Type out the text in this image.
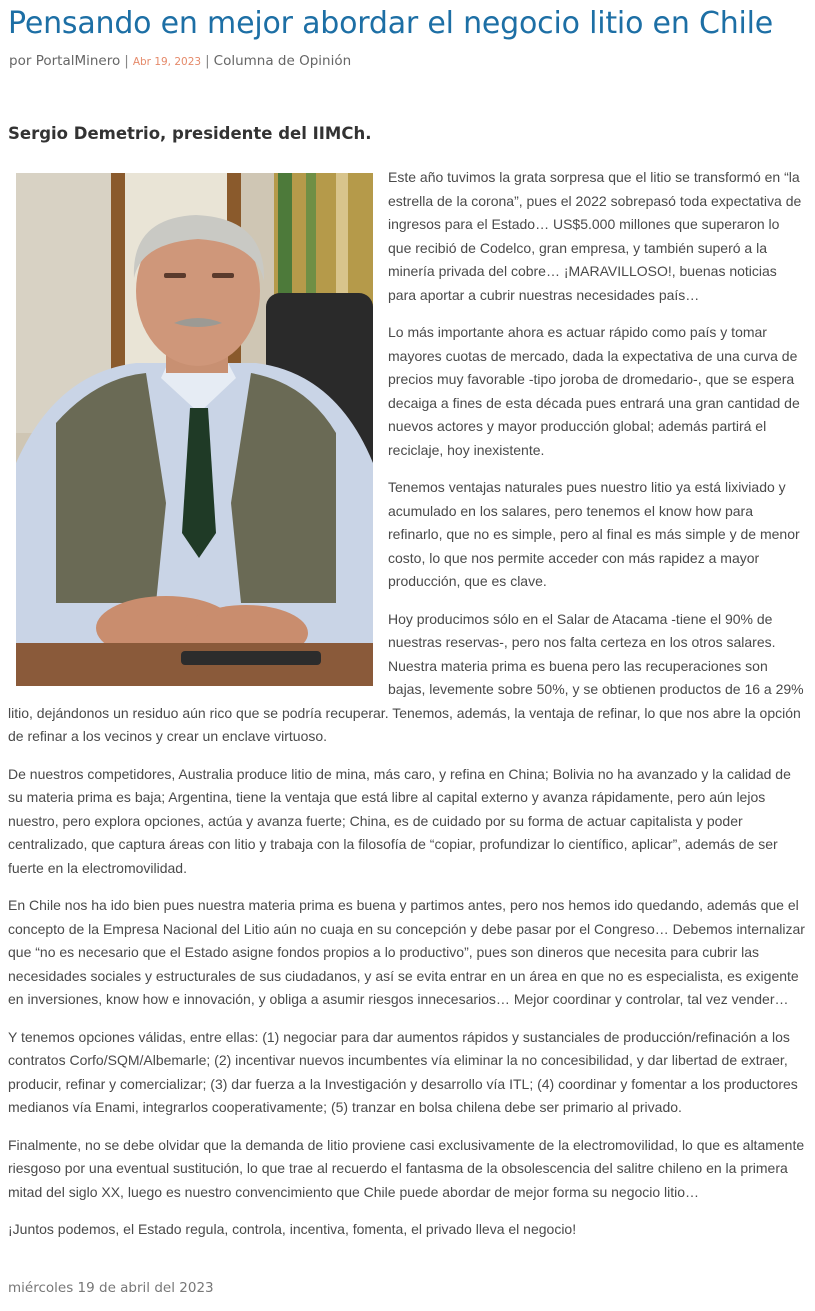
Pensando en mejor abordar el negocio litio en Chile
por PortalMinero | Abr 19, 2023 | Columna de Opinión
Sergio Demetrio, presidente del IIMCh.

Este año tuvimos la grata sorpresa que el litio se transformó en “la estrella de la corona”, pues el 2022 sobrepasó toda expectativa de ingresos para el Estado… US$5.000 millones que superaron lo que recibió de Codelco, gran empresa, y también superó a la minería privada del cobre… ¡MARAVILLOSO!, buenas noticias para aportar a cubrir nuestras necesidades país…

Lo más importante ahora es actuar rápido como país y tomar mayores cuotas de mercado, dada la expectativa de una curva de precios muy favorable -tipo joroba de dromedario-, que se espera decaiga a fines de esta década pues entrará una gran cantidad de nuevos actores y mayor producción global; además partirá el reciclaje, hoy inexistente.

Tenemos ventajas naturales pues nuestro litio ya está lixiviado y acumulado en los salares, pero tenemos el know how para refinarlo, que no es simple, pero al final es más simple y de menor costo, lo que nos permite acceder con más rapidez a mayor producción, que es clave.

Hoy producimos sólo en el Salar de Atacama -tiene el 90% de nuestras reservas-, pero nos falta certeza en los otros salares. Nuestra materia prima es buena pero las recuperaciones son bajas, levemente sobre 50%, y se obtienen productos de 16 a 29% litio, dejándonos un residuo aún rico que se podría recuperar. Tenemos, además, la ventaja de refinar, lo que nos abre la opción de refinar a los vecinos y crear un enclave virtuoso.

De nuestros competidores, Australia produce litio de mina, más caro, y refina en China; Bolivia no ha avanzado y la calidad de su materia prima es baja; Argentina, tiene la ventaja que está libre al capital externo y avanza rápidamente, pero aún lejos nuestro, pero explora opciones, actúa y avanza fuerte; China, es de cuidado por su forma de actuar capitalista y poder centralizado, que captura áreas con litio y trabaja con la filosofía de “copiar, profundizar lo científico, aplicar”, además de ser fuerte en la electromovilidad.

En Chile nos ha ido bien pues nuestra materia prima es buena y partimos antes, pero nos hemos ido quedando, además que el concepto de la Empresa Nacional del Litio aún no cuaja en su concepción y debe pasar por el Congreso… Debemos internalizar que “no es necesario que el Estado asigne fondos propios a lo productivo”, pues son dineros que necesita para cubrir las necesidades sociales y estructurales de sus ciudadanos, y así se evita entrar en un área en que no es especialista, es exigente en inversiones, know how e innovación, y obliga a asumir riesgos innecesarios… Mejor coordinar y controlar, tal vez vender…

Y tenemos opciones válidas, entre ellas: (1) negociar para dar aumentos rápidos y sustanciales de producción/refinación a los contratos Corfo/SQM/Albemarle; (2) incentivar nuevos incumbentes vía eliminar la no concesibilidad, y dar libertad de extraer, producir, refinar y comercializar; (3) dar fuerza a la Investigación y desarrollo vía ITL; (4) coordinar y fomentar a los productores medianos vía Enami, integrarlos cooperativamente; (5) tranzar en bolsa chilena debe ser primario al privado.

Finalmente, no se debe olvidar que la demanda de litio proviene casi exclusivamente de la electromovilidad, lo que es altamente riesgoso por una eventual sustitución, lo que trae al recuerdo el fantasma de la obsolescencia del salitre chileno en la primera mitad del siglo XX, luego es nuestro convencimiento que Chile puede abordar de mejor forma su negocio litio…

¡Juntos podemos, el Estado regula, controla, incentiva, fomenta, el privado lleva el negocio!

miércoles 19 de abril del 2023
